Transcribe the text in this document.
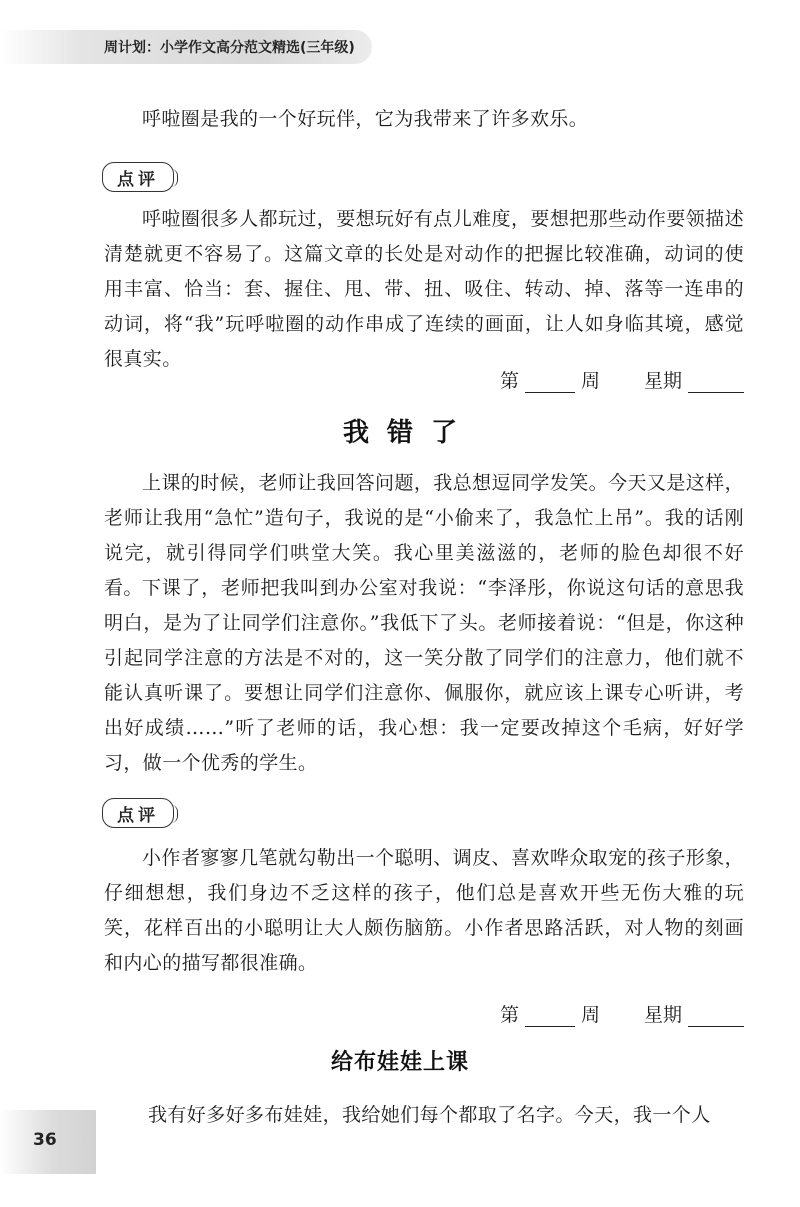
周计划：小学作文高分范文精选(三年级)

呼啦圈是我的一个好玩伴，它为我带来了许多欢乐。

点评

呼啦圈很多人都玩过，要想玩好有点儿难度，要想把那些动作要领描述清楚就更不容易了。这篇文章的长处是对动作的把握比较准确，动词的使用丰富、恰当：套、握住、甩、带、扭、吸住、转动、掉、落等一连串的动词，将“我”玩呼啦圈的动作串成了连续的画面，让人如身临其境，感觉很真实。

第	周 星期
我错了

上课的时候，老师让我回答问题，我总想逗同学发笑。今天又是这样，老师让我用“急忙”造句子，我说的是“小偷来了，我急忙上吊”。我的话刚说完，就引得同学们哄堂大笑。我心里美滋滋的，老师的脸色却很不好看。 下课了，老师把我叫到办公室对我说：“李泽彤，你说这句话的意思我明白，是为了让同学们注意你。”我低下了头。老师接着说：“但是，你这种引起同学注意的方法是不对的，这一笑分散了同学们的注意力，他们就不能认真听课了。要想让同学们注意你、佩服你，就应该上课专心听讲，考出好成绩……”听了老师的话，我心想：我一定要改掉这个毛病，好好学习，做一个优秀的学生。

点评

小作者寥寥几笔就勾勒出一个聪明、调皮、喜欢哗众取宠的孩子形象，仔细想想，我们身边不乏这样的孩子，他们总是喜欢开些无伤大雅的玩笑，花样百出的小聪明让大人颇伤脑筋。小作者思路活跃，对人物的刻画和内心的描写都很准确。

第	周 星期
给布娃娃上课

我有好多好多布娃娃，我给她们每个都取了名字。今天，我一个人

36
